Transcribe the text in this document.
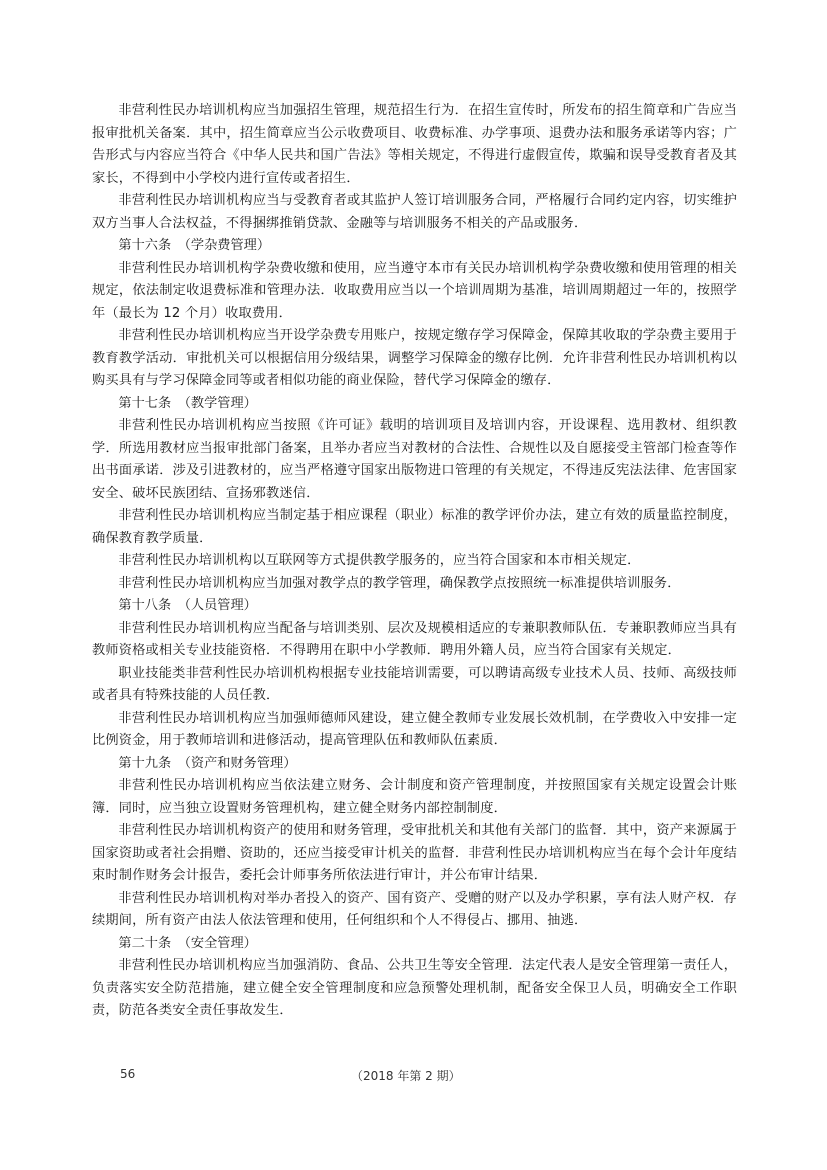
非营利性民办培训机构应当加强招生管理，规范招生行为．在招生宣传时，所发布的招生简章和广告应当报审批机关备案．其中，招生简章应当公示收费项目、收费标准、办学事项、退费办法和服务承诺等内容；广告形式与内容应当符合《中华人民共和国广告法》等相关规定，不得进行虚假宣传，欺骗和误导受教育者及其家长，不得到中小学校内进行宣传或者招生．

非营利性民办培训机构应当与受教育者或其监护人签订培训服务合同，严格履行合同约定内容，切实维护双方当事人合法权益，不得捆绑推销贷款、金融等与培训服务不相关的产品或服务．

第十六条　（学杂费管理）

非营利性民办培训机构学杂费收缴和使用，应当遵守本市有关民办培训机构学杂费收缴和使用管理的相关规定，依法制定收退费标准和管理办法．收取费用应当以一个培训周期为基准，培训周期超过一年的，按照学年（最长为 12 个月）收取费用．

非营利性民办培训机构应当开设学杂费专用账户，按规定缴存学习保障金，保障其收取的学杂费主要用于教育教学活动．审批机关可以根据信用分级结果，调整学习保障金的缴存比例．允许非营利性民办培训机构以购买具有与学习保障金同等或者相似功能的商业保险，替代学习保障金的缴存．

第十七条　（教学管理）

非营利性民办培训机构应当按照《许可证》载明的培训项目及培训内容，开设课程、选用教材、组织教学．所选用教材应当报审批部门备案，且举办者应当对教材的合法性、合规性以及自愿接受主管部门检查等作出书面承诺．涉及引进教材的，应当严格遵守国家出版物进口管理的有关规定，不得违反宪法法律、危害国家安全、破坏民族团结、宣扬邪教迷信．

非营利性民办培训机构应当制定基于相应课程（职业）标准的教学评价办法，建立有效的质量监控制度，确保教育教学质量．

非营利性民办培训机构以互联网等方式提供教学服务的，应当符合国家和本市相关规定．

非营利性民办培训机构应当加强对教学点的教学管理，确保教学点按照统一标准提供培训服务．

第十八条　（人员管理）

非营利性民办培训机构应当配备与培训类别、层次及规模相适应的专兼职教师队伍．专兼职教师应当具有教师资格或相关专业技能资格．不得聘用在职中小学教师．聘用外籍人员，应当符合国家有关规定．

职业技能类非营利性民办培训机构根据专业技能培训需要，可以聘请高级专业技术人员、技师、高级技师或者具有特殊技能的人员任教．

非营利性民办培训机构应当加强师德师风建设，建立健全教师专业发展长效机制，在学费收入中安排一定比例资金，用于教师培训和进修活动，提高管理队伍和教师队伍素质．

第十九条　（资产和财务管理）

非营利性民办培训机构应当依法建立财务、会计制度和资产管理制度，并按照国家有关规定设置会计账簿．同时，应当独立设置财务管理机构，建立健全财务内部控制制度．

非营利性民办培训机构资产的使用和财务管理，受审批机关和其他有关部门的监督．其中，资产来源属于国家资助或者社会捐赠、资助的，还应当接受审计机关的监督．非营利性民办培训机构应当在每个会计年度结束时制作财务会计报告，委托会计师事务所依法进行审计，并公布审计结果．

非营利性民办培训机构对举办者投入的资产、国有资产、受赠的财产以及办学积累，享有法人财产权．存续期间，所有资产由法人依法管理和使用，任何组织和个人不得侵占、挪用、抽逃．

第二十条　（安全管理）

非营利性民办培训机构应当加强消防、食品、公共卫生等安全管理．法定代表人是安全管理第一责任人，负责落实安全防范措施，建立健全安全管理制度和应急预警处理机制，配备安全保卫人员，明确安全工作职责，防范各类安全责任事故发生．

56	（2018 年第 2 期）
